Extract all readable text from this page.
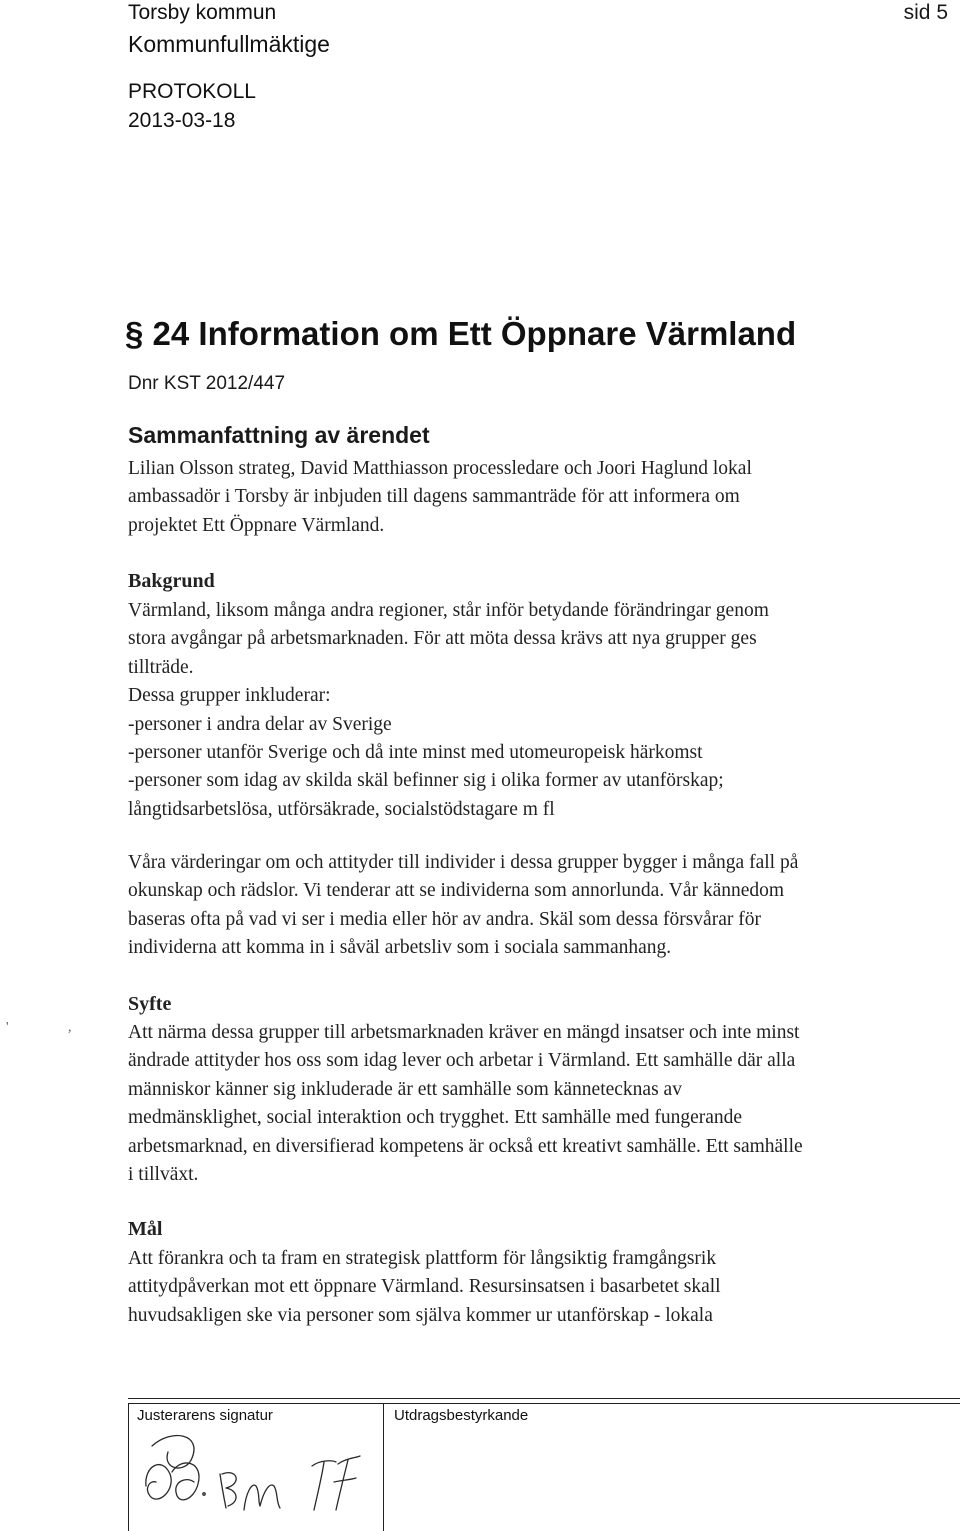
Torsby kommun
Kommunfullmäktige
PROTOKOLL
2013-03-18
sid 5
§ 24 Information om Ett Öppnare Värmland
Dnr KST 2012/447
Sammanfattning av ärendet

Lilian Olsson strateg, David Matthiasson processledare och Joori Haglund lokal

ambassadör i Torsby är inbjuden till dagens sammanträde för att informera om

projektet Ett Öppnare Värmland.

Bakgrund

Värmland, liksom många andra regioner, står inför betydande förändringar genom

stora avgångar på arbetsmarknaden. För att möta dessa krävs att nya grupper ges

tillträde.

Dessa grupper inkluderar:

-personer i andra delar av Sverige

-personer utanför Sverige och då inte minst med utomeuropeisk härkomst

-personer som idag av skilda skäl befinner sig i olika former av utanförskap;

långtidsarbetslösa, utförsäkrade, socialstödstagare m fl

Våra värderingar om och attityder till individer i dessa grupper bygger i många fall på

okunskap och rädslor. Vi tenderar att se individerna som annorlunda. Vår kännedom

baseras ofta på vad vi ser i media eller hör av andra. Skäl som dessa försvårar för

individerna att komma in i såväl arbetsliv som i sociala sammanhang.

' ,
Syfte

Att närma dessa grupper till arbetsmarknaden kräver en mängd insatser och inte minst

ändrade attityder hos oss som idag lever och arbetar i Värmland. Ett samhälle där alla

människor känner sig inkluderade är ett samhälle som kännetecknas av

medmänsklighet, social interaktion och trygghet. Ett samhälle med fungerande

arbetsmarknad, en diversifierad kompetens är också ett kreativt samhälle. Ett samhälle

i tillväxt.

Mål

Att förankra och ta fram en strategisk plattform för långsiktig framgångsrik

attitydpåverkan mot ett öppnare Värmland. Resursinsatsen i basarbetet skall

huvudsakligen ske via personer som själva kommer ur utanförskap - lokala

Justerarens signatur	Utdragsbestyrkande
